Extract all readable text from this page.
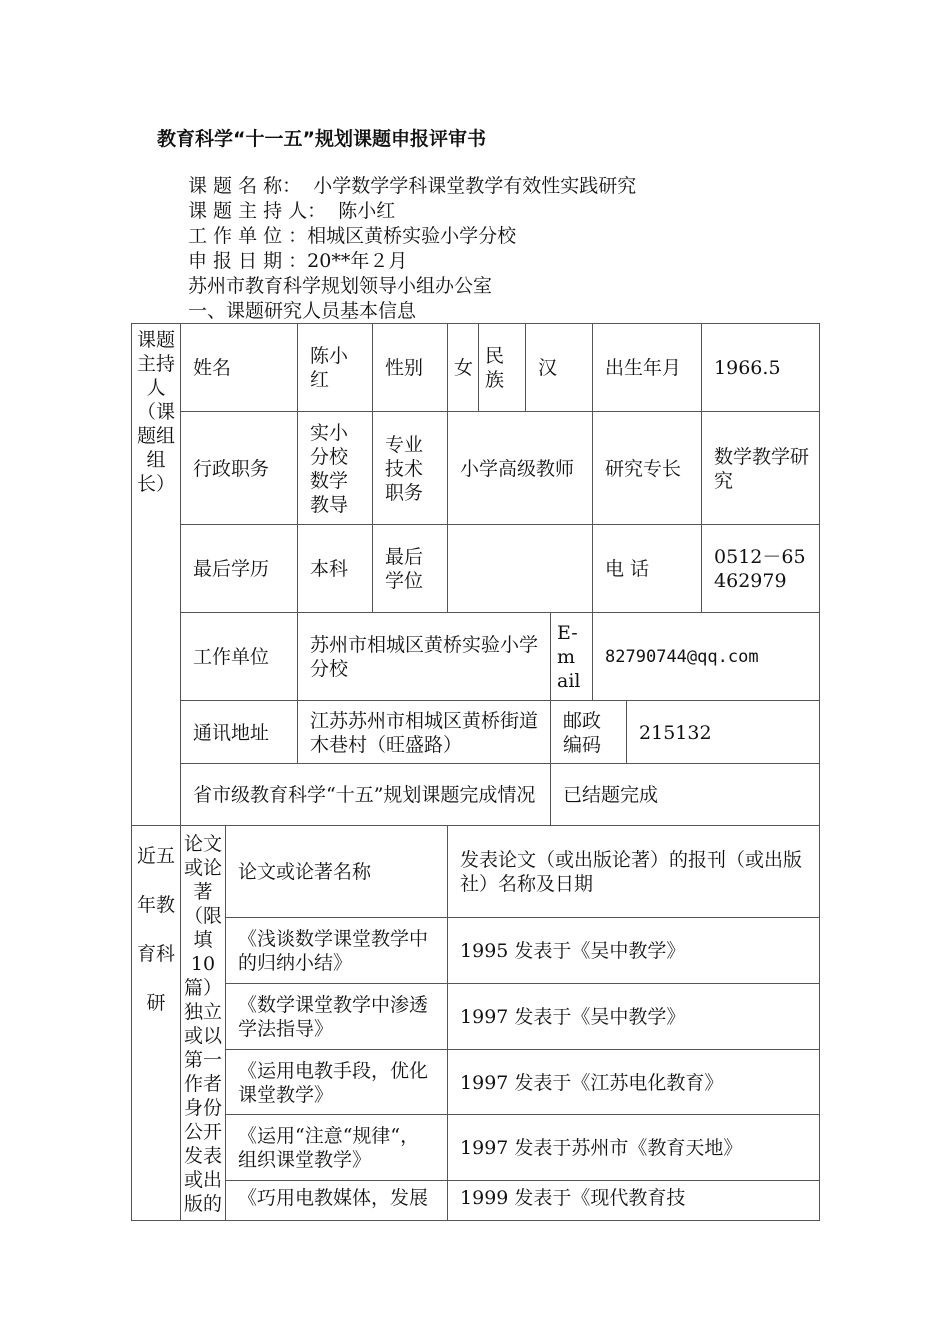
教育科学“十一五”规划课题申报评审书
课 题 名 称：  小学数学学科课堂教学有效性实践研究
课 题 主 持 人：  陈小红
工 作 单 位 ：相城区黄桥实验小学分校
申 报 日 期 ：20**年２月
苏州市教育科学规划领导小组办公室
一、课题研究人员基本信息
课题主持人（课题组组长）	姓名		陈小红	性别	女	民族	汉		出生年月		1966.5
	行政职务		实小分校数学教导	专业技术职务	小学高级教师				研究专长		数学教学研究
	最后学历		本科	最后学位					电 话		0512－65462979
	工作单位		苏州市相城区黄桥实验小学分校					E-mail	82790744@qq.com		
	通讯地址		江苏苏州市相城区黄桥街道木巷村（旺盛路）					邮政编码		215132	
	省市级教育科学“十五”规划课题完成情况							已结题完成			
近五年教育科研	论文或论著（限填10篇）独立或以第一作者身份公开发表或出版的	论文或论著名称			发表论文（或出版论著）的报刊（或出版社）名称及日期						
		《浅谈数学课堂教学中的归纳小结》			1995 发表于《吴中教学》						
		《数学课堂教学中渗透学法指导》			1997 发表于《吴中教学》						
		《运用电教手段，优化课堂教学》			1997 发表于《江苏电化教育》						
		《运用“注意“规律“，组织课堂教学》			1997 发表于苏州市《教育天地》						
		《巧用电教媒体，发展			1999 发表于《现代教育技						
